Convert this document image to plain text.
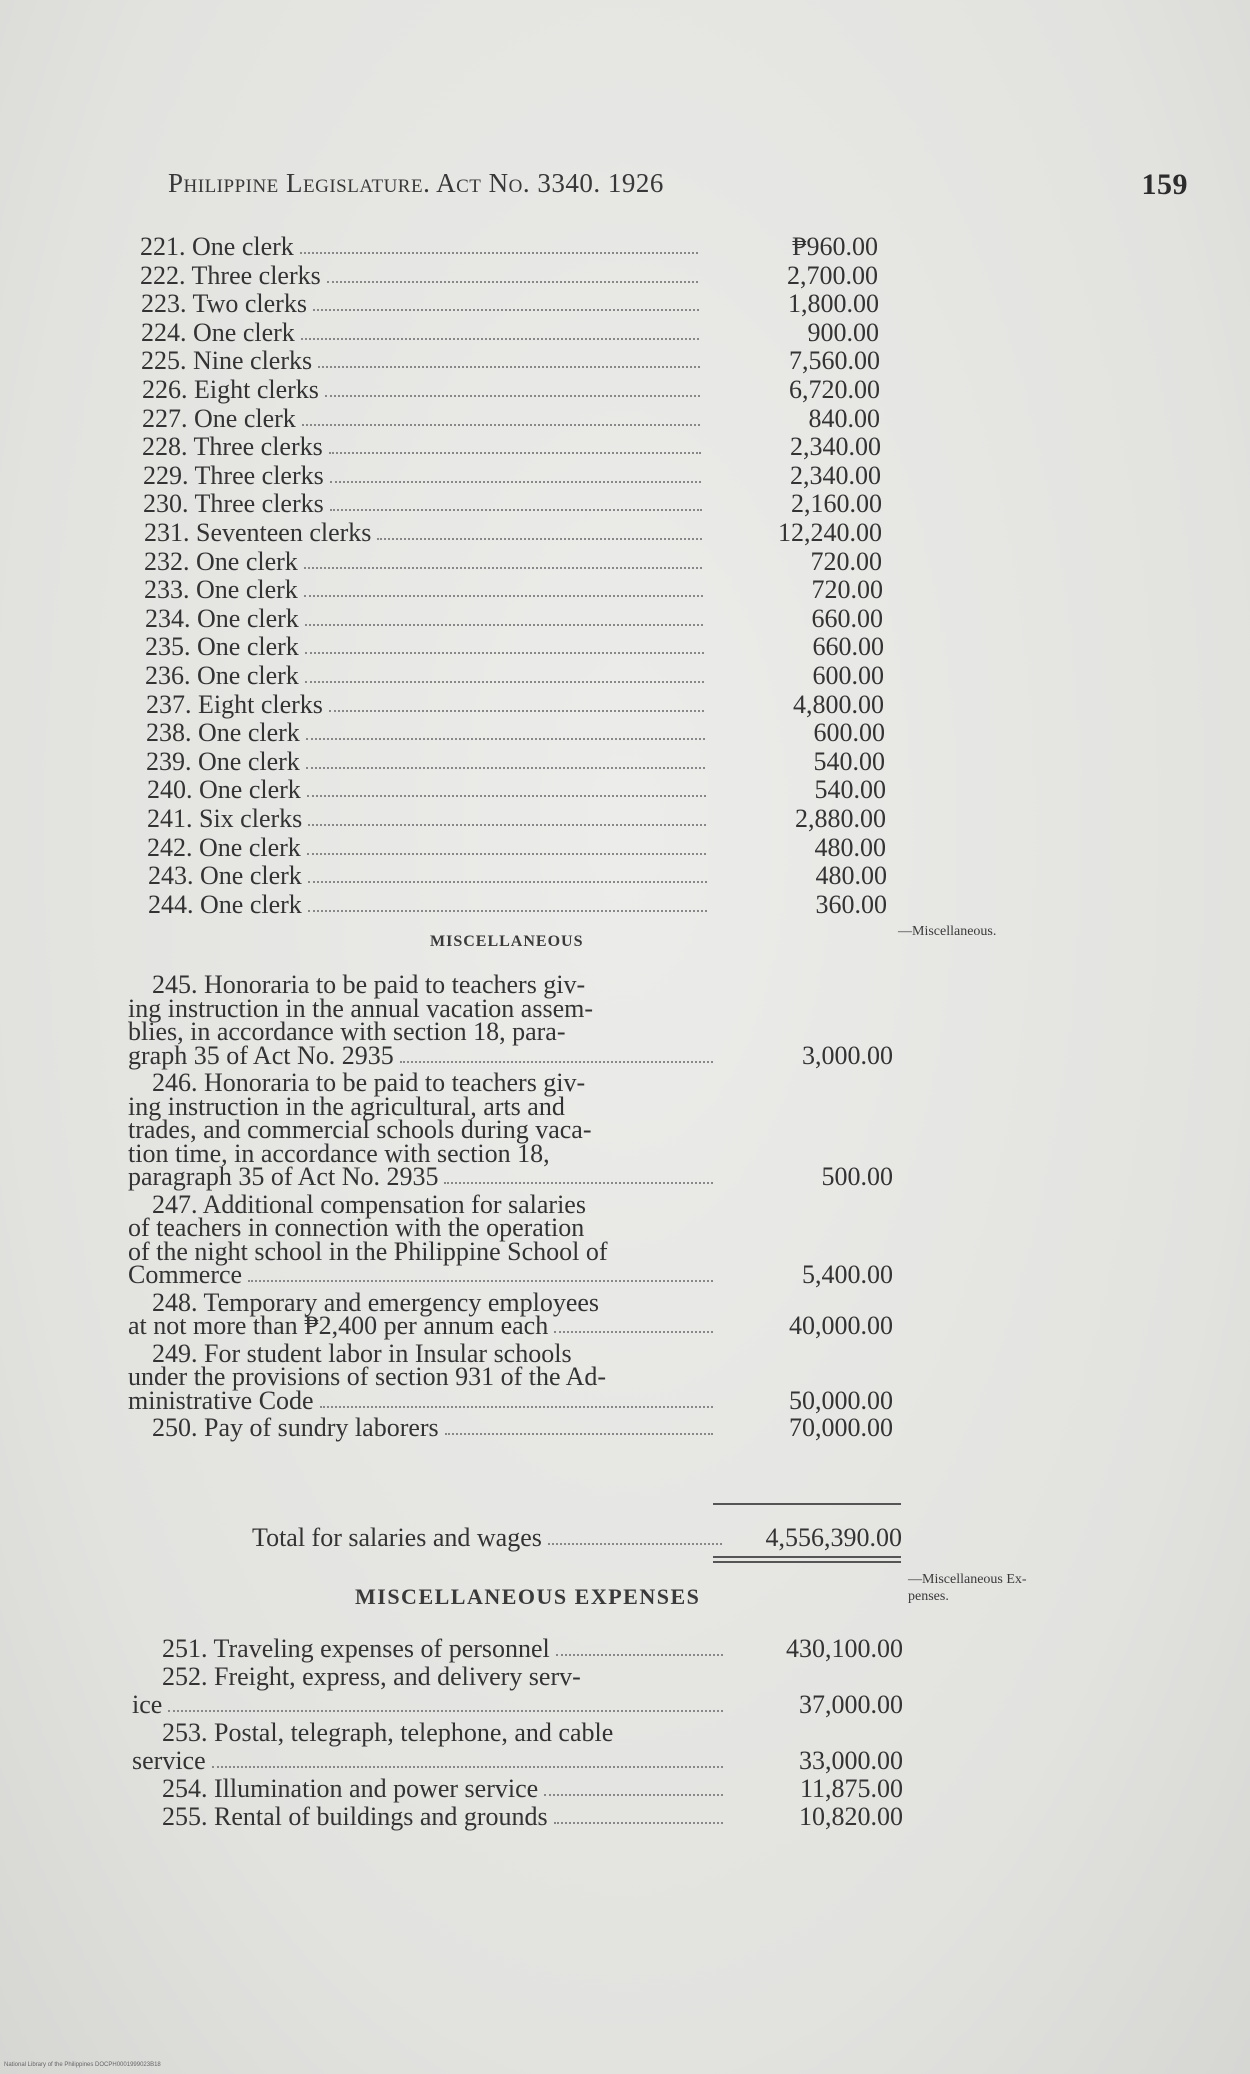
Philippine Legislature. Act No. 3340. 1926	159
221. One clerk	₱960.00
222. Three clerks	2,700.00
223. Two clerks	1,800.00
224. One clerk	900.00
225. Nine clerks	7,560.00
226. Eight clerks	6,720.00
227. One clerk	840.00
228. Three clerks	2,340.00
229. Three clerks	2,340.00
230. Three clerks	2,160.00
231. Seventeen clerks	12,240.00
232. One clerk	720.00
233. One clerk	720.00
234. One clerk	660.00
235. One clerk	660.00
236. One clerk	600.00
237. Eight clerks	4,800.00
238. One clerk	600.00
239. One clerk	540.00
240. One clerk	540.00
241. Six clerks	2,880.00
242. One clerk	480.00
243. One clerk	480.00
244. One clerk	360.00
MISCELLANEOUS
—Miscellaneous.
245. Honoraria to be paid to teachers giv-
ing instruction in the annual vacation assem-
blies, in accordance with section 18, para-
graph 35 of Act No. 2935	3,000.00
246. Honoraria to be paid to teachers giv-
ing instruction in the agricultural, arts and
trades, and commercial schools during vaca-
tion time, in accordance with section 18,
paragraph 35 of Act No. 2935	500.00
247. Additional compensation for salaries
of teachers in connection with the operation
of the night school in the Philippine School of
Commerce	5,400.00
248. Temporary and emergency employees
at not more than ₱2,400 per annum each	40,000.00
249. For student labor in Insular schools
under the provisions of section 931 of the Ad-
ministrative Code	50,000.00
250. Pay of sundry laborers	70,000.00
Total for salaries and wages	4,556,390.00
MISCELLANEOUS EXPENSES
—Miscellaneous Ex-
penses.
251. Traveling expenses of personnel	430,100.00
252. Freight, express, and delivery serv-
ice	37,000.00
253. Postal, telegraph, telephone, and cable
service	33,000.00
254. Illumination and power service	11,875.00
255. Rental of buildings and grounds	10,820.00
National Library of the Philippines DOCPH0001999023B18
